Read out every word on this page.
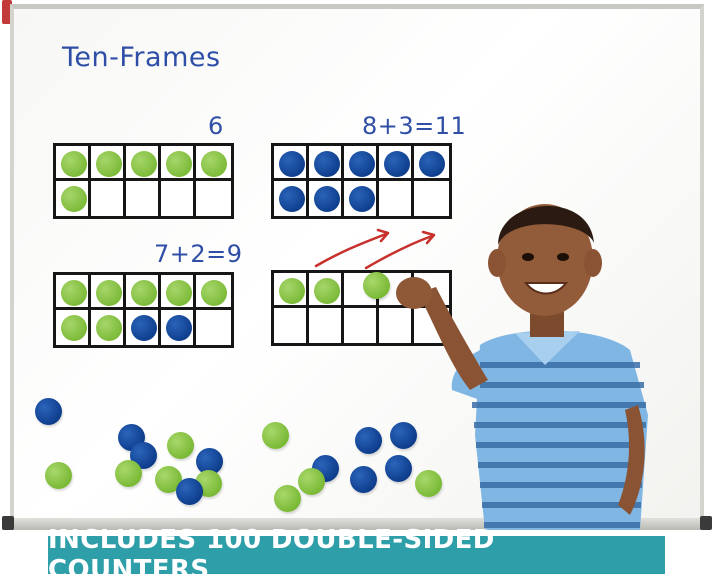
Ten-Frames
6	8+3=11
7+2=9
INCLUDES 100 DOUBLE-SIDED COUNTERS
